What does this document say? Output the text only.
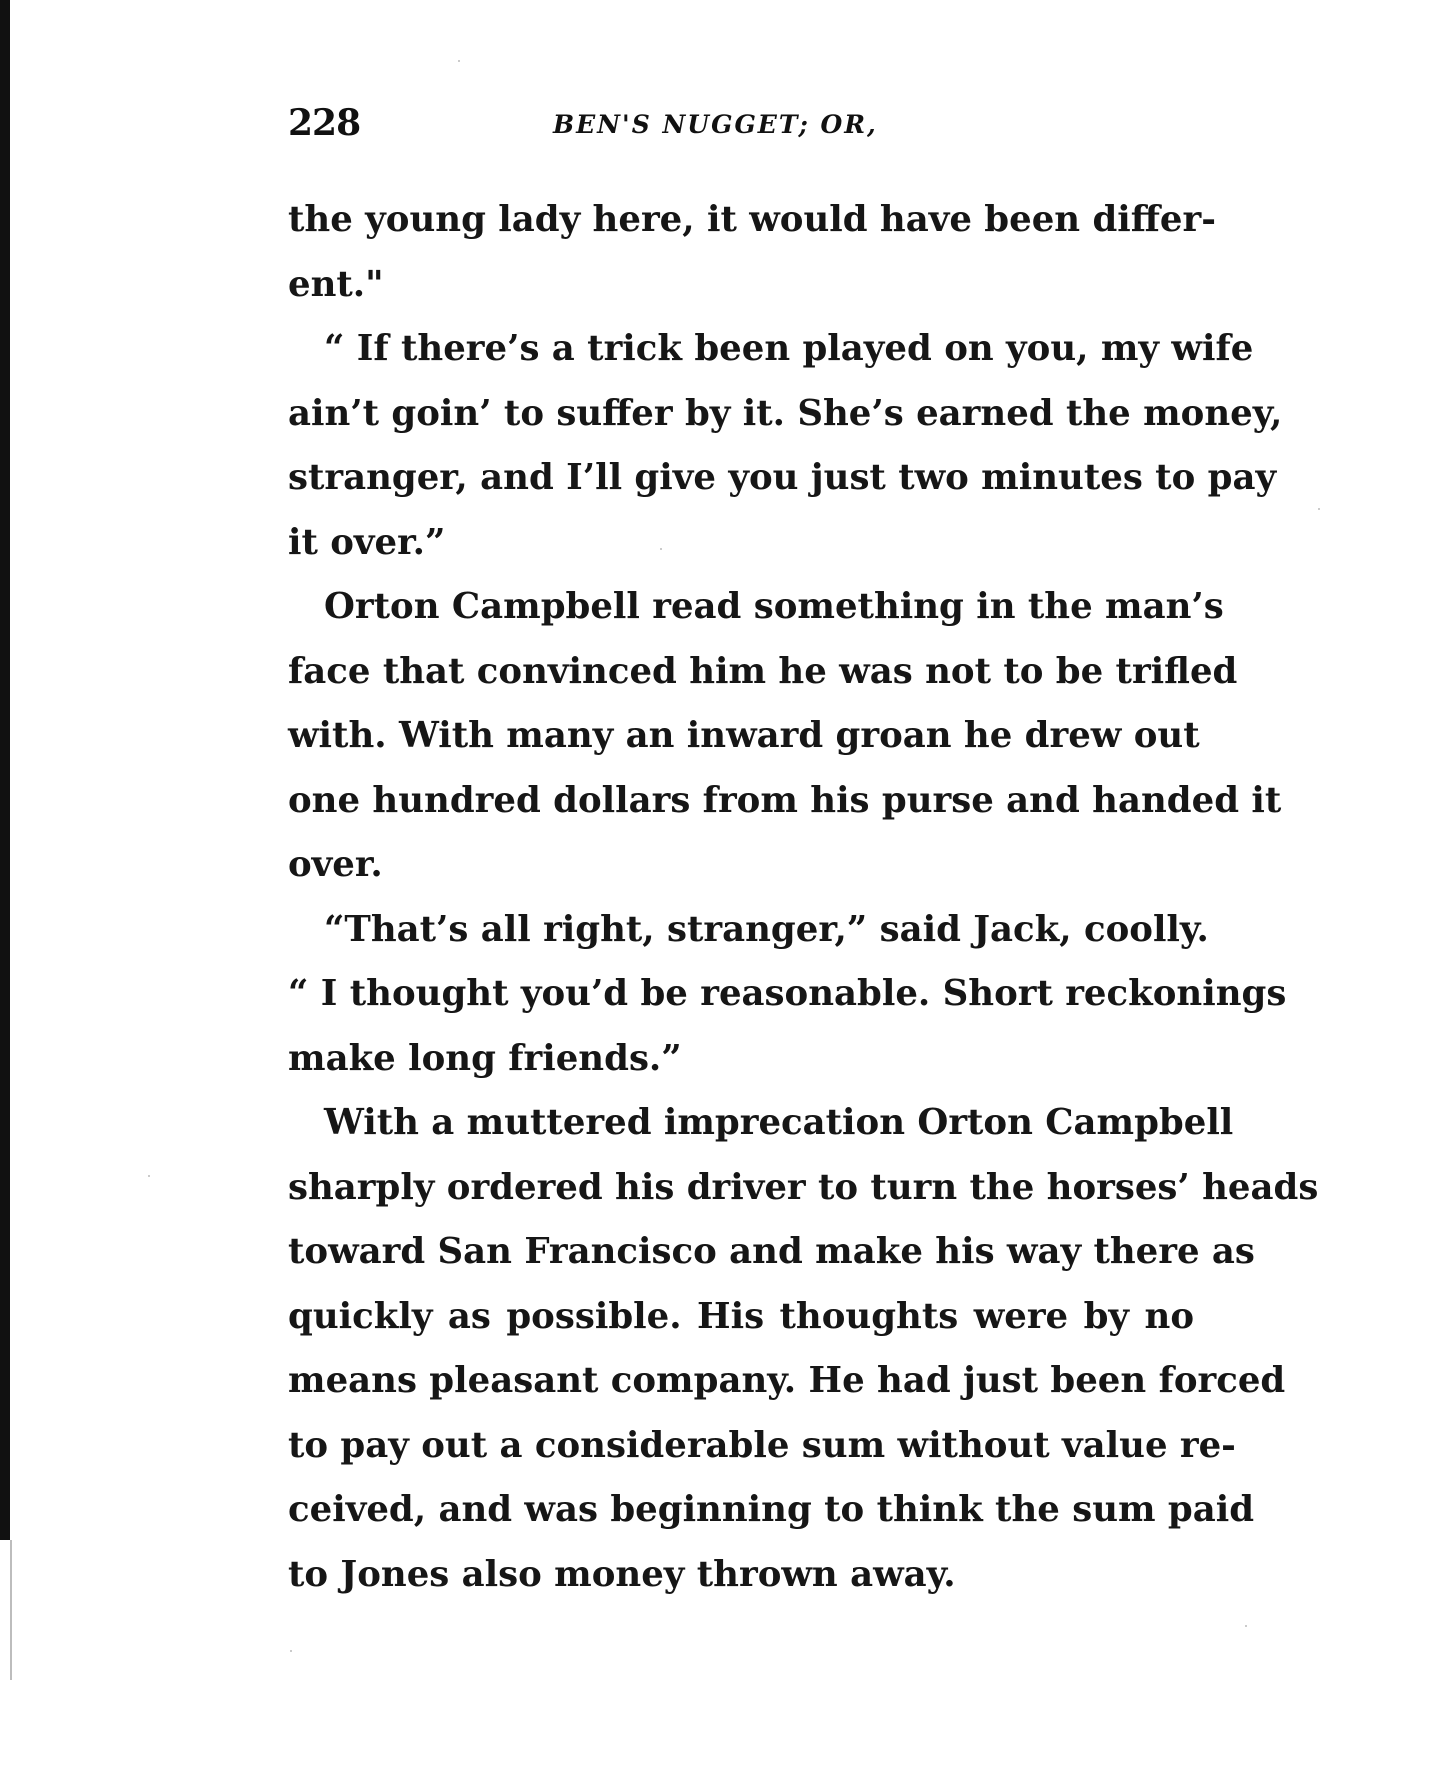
228	BEN'S NUGGET; OR,
the young lady here, it would have been differ-
ent."
“ If there’s a trick been played on you, my wife
ain’t goin’ to suffer by it. She’s earned the money,
stranger, and I’ll give you just two minutes to pay
it over.”
Orton Campbell read something in the man’s
face that convinced him he was not to be trifled
with. With many an inward groan he drew out
one hundred dollars from his purse and handed it
over.
“That’s all right, stranger,” said Jack, coolly.
“ I thought you’d be reasonable. Short reckonings
make long friends.”
With a muttered imprecation Orton Campbell
sharply ordered his driver to turn the horses’ heads
toward San Francisco and make his way there as
quickly as possible. His thoughts were by no
means pleasant company. He had just been forced
to pay out a considerable sum without value re-
ceived, and was beginning to think the sum paid
to Jones also money thrown away.
